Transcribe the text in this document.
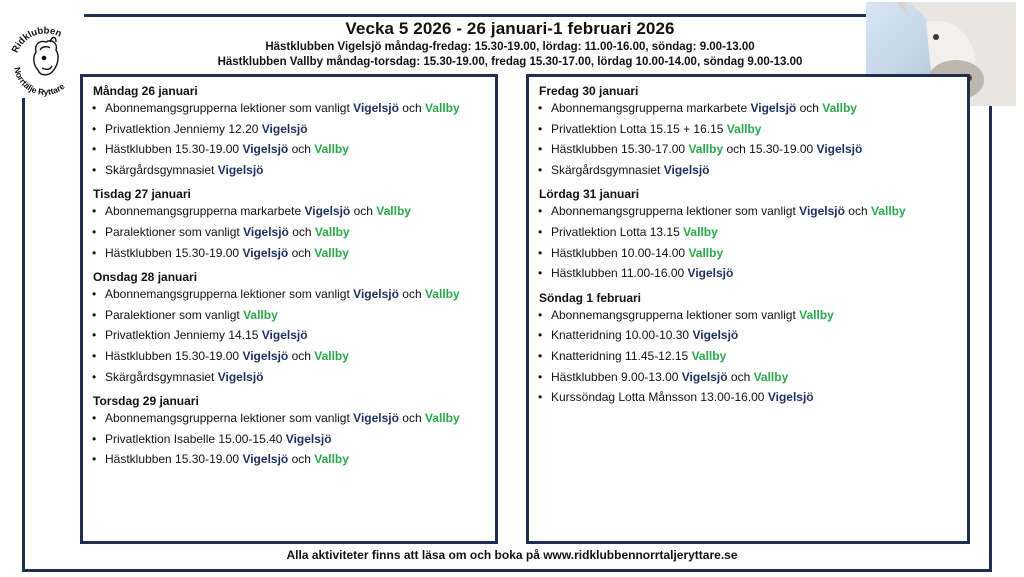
Ridklubben
Norrtälje Ryttare

Vecka 5 2026 - 26 januari-1 februari 2026

Hästklubben Vigelsjö måndag-fredag: 15.30-19.00, lördag: 11.00-16.00, söndag: 9.00-13.00

Hästklubben Vallby måndag-torsdag: 15.30-19.00, fredag 15.30-17.00, lördag 10.00-14.00, söndag 9.00-13.00

Måndag 26 januari
• Abonnemangsgrupperna lektioner som vanligt Vigelsjö och Vallby
• Privatlektion Jenniemy 12.20 Vigelsjö
• Hästklubben 15.30-19.00 Vigelsjö och Vallby
• Skärgårdsgymnasiet Vigelsjö
Tisdag 27 januari
• Abonnemangsgrupperna markarbete Vigelsjö och Vallby
• Paralektioner som vanligt Vigelsjö och Vallby
• Hästklubben 15.30-19.00 Vigelsjö och Vallby
Onsdag 28 januari
• Abonnemangsgrupperna lektioner som vanligt Vigelsjö och Vallby
• Paralektioner som vanligt Vallby
• Privatlektion Jenniemy 14.15 Vigelsjö
• Hästklubben 15.30-19.00 Vigelsjö och Vallby
• Skärgårdsgymnasiet Vigelsjö
Torsdag 29 januari
• Abonnemangsgrupperna lektioner som vanligt Vigelsjö och Vallby
• Privatlektion Isabelle 15.00-15.40 Vigelsjö
• Hästklubben 15.30-19.00 Vigelsjö och Vallby
Fredag 30 januari
• Abonnemangsgrupperna markarbete Vigelsjö och Vallby
• Privatlektion Lotta 15.15 + 16.15 Vallby
• Hästklubben 15.30-17.00 Vallby och 15.30-19.00 Vigelsjö
• Skärgårdsgymnasiet Vigelsjö
Lördag 31 januari
• Abonnemangsgrupperna lektioner som vanligt Vigelsjö och Vallby
• Privatlektion Lotta 13.15 Vallby
• Hästklubben 10.00-14.00 Vallby
• Hästklubben 11.00-16.00 Vigelsjö
Söndag 1 februari
• Abonnemangsgrupperna lektioner som vanligt Vallby
• Knatteridning 10.00-10.30 Vigelsjö
• Knatteridning 11.45-12.15 Vallby
• Hästklubben 9.00-13.00 Vigelsjö och Vallby
• Kurssöndag Lotta Månsson 13.00-16.00 Vigelsjö
Alla aktiviteter finns att läsa om och boka på www.ridklubbennorrtaljeryttare.se
